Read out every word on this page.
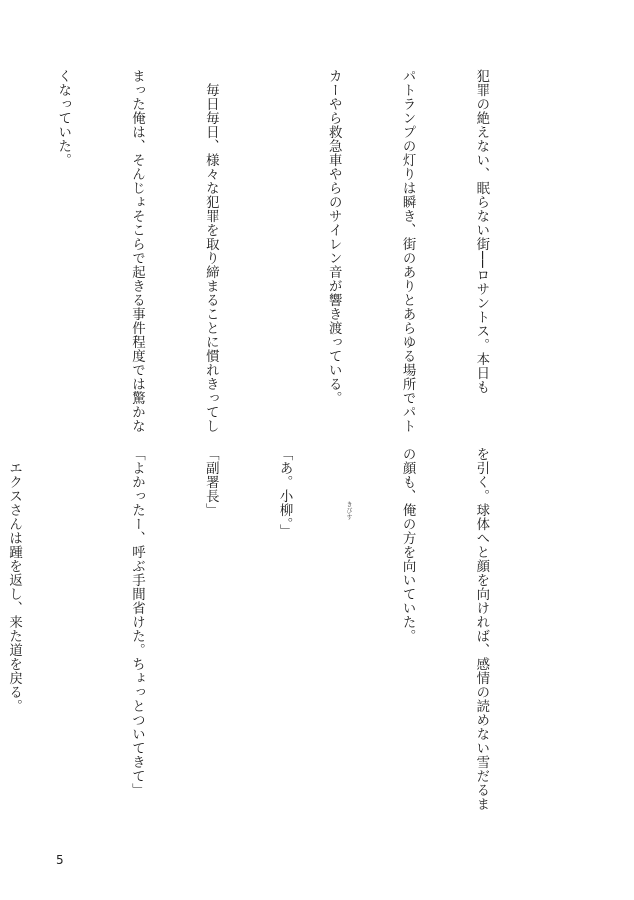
犯罪の絶えない、眠らない街──ロサントス。本日も

パトランプの灯りは瞬き、街のありとあらゆる場所でパト

カーやら救急車やらのサイレン音が響き渡っている。

　毎日毎日、様々な犯罪を取り締まることに慣れきってし

まった俺は、そんじょそこらで起きる事件程度では驚かな

くなっていた。

を引く。球体へと顔を向ければ、感情の読めない雪だるま

の顔も、俺の方を向いていた。

「あ。小柳。」

「副署長」

「よかったー、呼ぶ手間省けた。ちょっとついてきて」

　エクスさんは踵を返し、来た道を戻る。

	きびす
5
